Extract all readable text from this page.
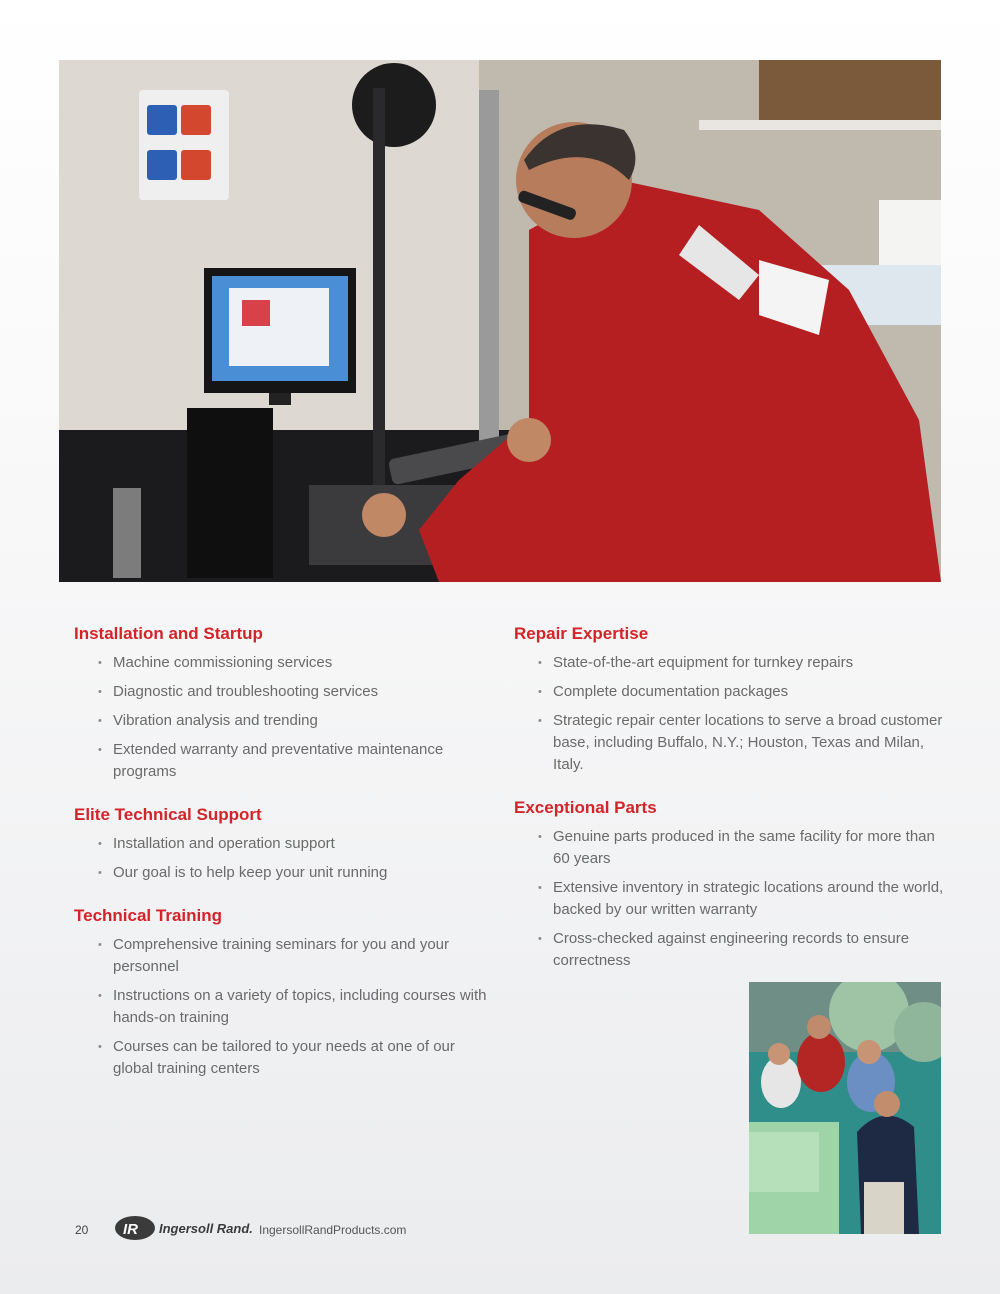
Installation and Startup
• Machine commissioning services
• Diagnostic and troubleshooting services
• Vibration analysis and trending
• Extended warranty and preventative maintenance programs
Elite Technical Support
• Installation and operation support
• Our goal is to help keep your unit running
Technical Training
• Comprehensive training seminars for you and your personnel
• Instructions on a variety of topics, including courses with hands-on training
• Courses can be tailored to your needs at one of our global training centers
Repair Expertise
• State-of-the-art equipment for turnkey repairs
• Complete documentation packages
• Strategic repair center locations to serve a broad customer base, including Buffalo, N.Y.; Houston, Texas and Milan, Italy.
Exceptional Parts
• Genuine parts produced in the same facility for more than 60 years
• Extensive inventory in strategic locations around the world, backed by our written warranty
• Cross-checked against engineering records to ensure correctness
20 IR Ingersoll Rand. IngersollRandProducts.com
